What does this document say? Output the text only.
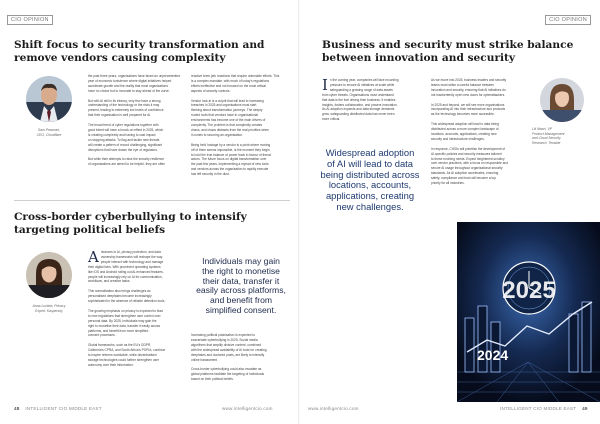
CIO OPINION
Shift focus to security transformation and
remove vendors causing complexity
Sam Pewman,
CEO, Cloudflare
the past three years, organisations have faced an unprecedented
year of economic turbulence where digital initiatives helped
accelerate growth and the reality that most organisations
have no choice but to innovate to stay ahead of the curve.

But with AI still in its infancy, very few have a strong
understanding of the technology or the risks it may
present, leading to extremely low levels of confidence
that their organisation is well prepared for AI.

The broad trend of cyber regulations together with
good intent will have a knock-on effect in 2025, which
is creating complexity and having to cast impact
on stopping attacks. To flag and tackle new threats
will create a pattern of record challenging, significant
disruptions that have drawn the eye of regulators.

But while their attempts to raise the security resilience
of organisations are aimed to be helpful, they are often
reactive knee-jerk reactions that require untenable efforts. This
is a complex mandate, with much of today's regulations
efforts ineffective and not focused on the most critical
aspects of security controls.

Vendor lock-in is a culprit that will lead to increasing
breaches in 2025 and organisations must start
thinking about transformation journeys. The deeply
rooted tools that vendors have in organisational
environments has become one of the main drivers of
complexity. The problem is that complexity creates
chaos, and chaos distracts from the real priorities when
it comes to securing an organisation.

Being held hostage by a vendor is a point where moving
off of them seems impossible, is the moment they begin
to hold the true balance of power back in favour of threat
actors. The future focus on digital transformation over
the past few years, implementing a myriad of new tools
and vendors across the organisation to rapidly execute
has left security in the dust.
Cross-border cyberbullying to intensify
targeting political beliefs
Anna Lucieta, Privacy
Expert, Kaspersky
A dvances in AI, privacy protection, and data
ownership frameworks will reshape the way
people interact with technology and manage
their digital lives. With prominent operating systems
like iOS and Android rolling out AI-enhanced features,
people will increasingly rely on AI for communication,
workflows, and creative tasks.

This normalisation also brings challenges as
personalised deepfakes become increasingly
sophisticated in the absence of reliable detection tools.

The growing emphasis on privacy is expected to lead
to new regulations that strengthen user control over
personal data. By 2025, individuals may gain the
right to monetise their data, transfer it easily across
platforms, and benefit from more simplified
consent processes.

Global frameworks, such as the EU's GDPR,
California's CPRA, and South Africa's POPIA, continue
to inspire reforms worldwide, while decentralised
storage technologies could further strengthen user
autonomy over their information.
Individuals may gain
the right to monetise
their data, transfer it
easily across platforms,
and benefit from
simplified consent.
Increasing political polarisation is expected to
exacerbate cyberbullying in 2025. Social media
algorithms that amplify divisive content, combined
with the widespread availability of AI tools for creating
deepfakes and doctored posts, are likely to intensify
online harassment.

Cross-border cyberbullying could also escalate as
global platforms facilitate the targeting of individuals
based on their political beliefs.
48 INTELLIGENT CIO MIDDLE EAST	www.intelligentcio.com
CIO OPINION
Business and security must strike balance
between innovation and security
I n the coming year, companies will face mounting
pressure to ensure AI initiatives at scale while
safeguarding a growing range of data assets
from cyber threats. Organisations must understand
that data is the fuel driving their business. It enables
insights, fosters collaboration, and powers innovation.
As AI adoption expands and data storage demands
grow, safeguarding distributed data has never been
more critical.
Widespread adoption
of AI will lead to data
being distributed across
locations, accounts,
applications, creating
new challenges.
As we move into 2025, business leaders and security
teams must strike a careful balance between
innovation and security, ensuring that AI initiatives do
not inadvertently open new doors for cyberattackers.

In 2025 and beyond, we will see more organisations
incorporating AI into their infrastructure and products
as the technology becomes more accessible.

This widespread adoption will lead to data being
distributed across a more complex landscape of
locations, accounts, applications, creating new
security and infrastructure challenges.

In response, CISOs will prioritise the development of
AI-specific policies and security measures tailored
to these evolving needs. Expect heightened scrutiny
over vendor practices, with a focus on responsible and
secure AI usage throughout organisational security
standards. As AI adoption accelerates, ensuring
safety, compliance and trust will become a top
priority for all industries.
Lili Maori, VP
Product Management
and Cloud Security
Research, Tenable
www.intelligentcio.com	INTELLIGENT CIO MIDDLE EAST 49
2025
2024
